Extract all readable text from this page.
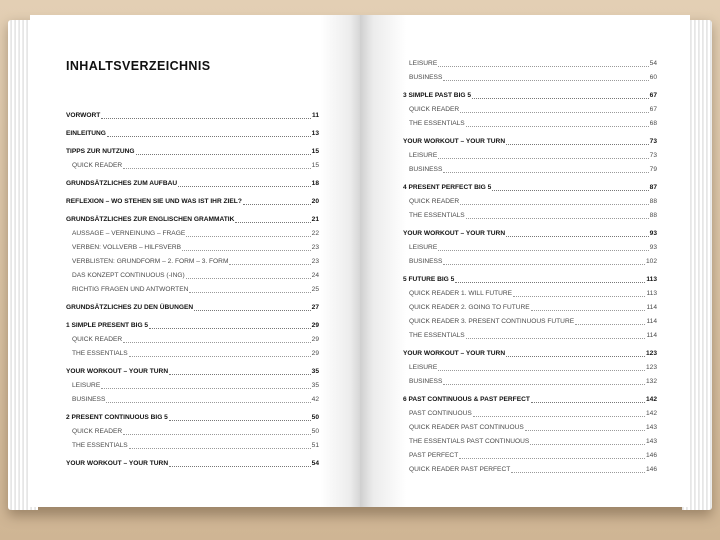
INHALTSVERZEICHNIS
VORWORT	11
EINLEITUNG	13
TIPPS ZUR NUTZUNG	15
QUICK READER	15
GRUNDSÄTZLICHES ZUM AUFBAU	18
REFLEXION – WO STEHEN SIE UND WAS IST IHR ZIEL?	20
GRUNDSÄTZLICHES ZUR ENGLISCHEN GRAMMATIK	21
AUSSAGE – VERNEINUNG – FRAGE	22
VERBEN: VOLLVERB – HILFSVERB	23
VERBLISTEN: GRUNDFORM – 2. FORM – 3. FORM	23
DAS KONZEPT CONTINUOUS (-ING)	24
RICHTIG FRAGEN UND ANTWORTEN	25
GRUNDSÄTZLICHES ZU DEN ÜBUNGEN	27
1 SIMPLE PRESENT BIG 5	29
QUICK READER	29
THE ESSENTIALS	29
YOUR WORKOUT – YOUR TURN	35
LEISURE	35
BUSINESS	42
2 PRESENT CONTINUOUS BIG 5	50
QUICK READER	50
THE ESSENTIALS	51
YOUR WORKOUT – YOUR TURN	54
LEISURE	54
BUSINESS	60
3 SIMPLE PAST BIG 5	67
QUICK READER	67
THE ESSENTIALS	68
YOUR WORKOUT – YOUR TURN	73
LEISURE	73
BUSINESS	79
4 PRESENT PERFECT BIG 5	87
QUICK READER	88
THE ESSENTIALS	88
YOUR WORKOUT – YOUR TURN	93
LEISURE	93
BUSINESS	102
5 FUTURE BIG 5	113
QUICK READER 1. WILL FUTURE	113
QUICK READER 2. GOING TO FUTURE	114
QUICK READER 3. PRESENT CONTINUOUS FUTURE	114
THE ESSENTIALS	114
YOUR WORKOUT – YOUR TURN	123
LEISURE	123
BUSINESS	132
6 PAST CONTINUOUS & PAST PERFECT	142
PAST CONTINUOUS	142
QUICK READER PAST CONTINUOUS	143
THE ESSENTIALS PAST CONTINUOUS	143
PAST PERFECT	146
QUICK READER PAST PERFECT	146
